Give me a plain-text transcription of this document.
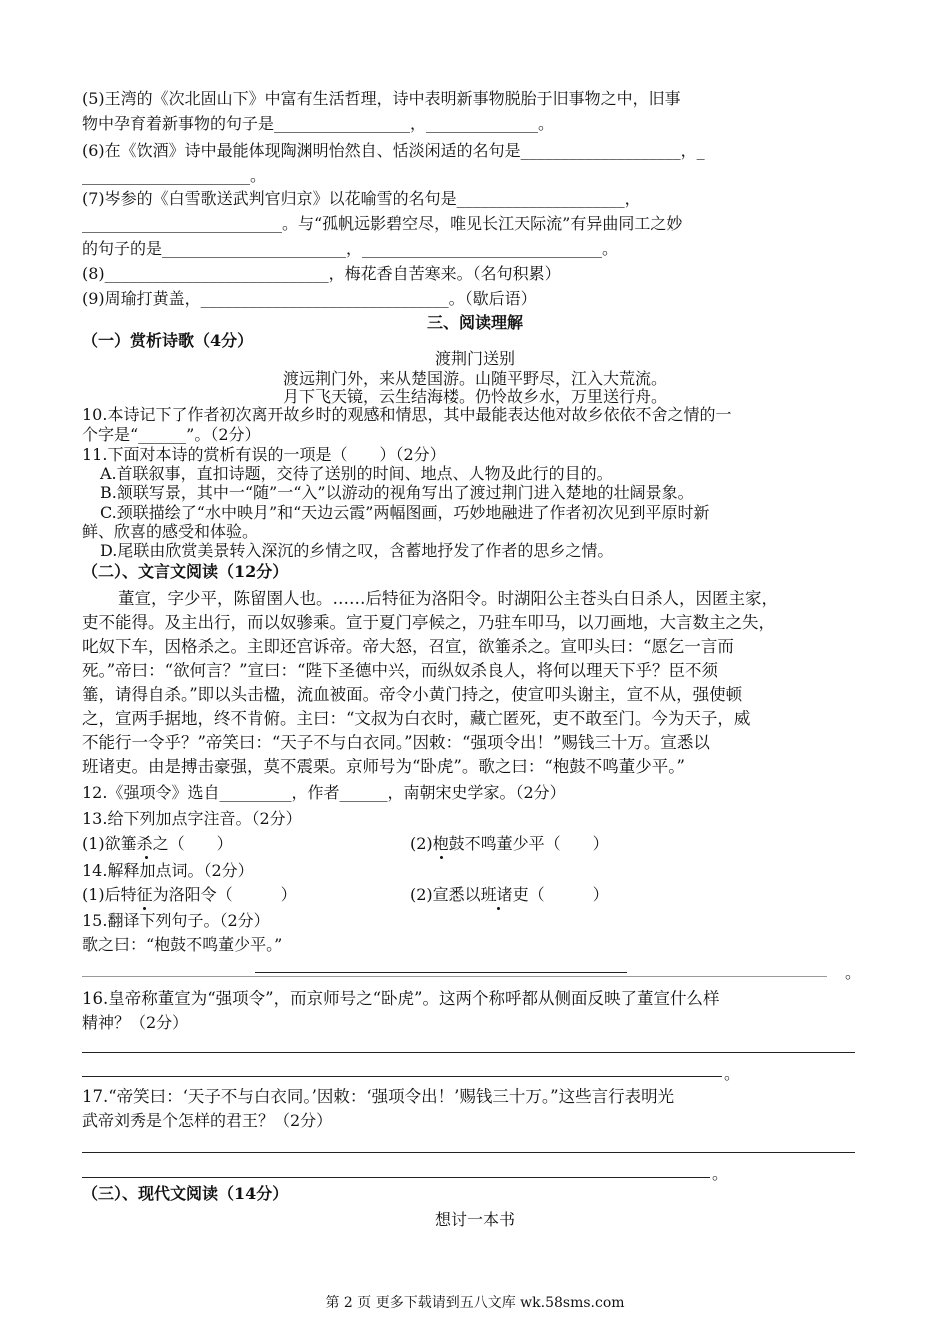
(5)王湾的《次北固山下》中富有生活哲理，诗中表明新事物脱胎于旧事物之中，旧事
物中孕育着新事物的句子是_________________，______________。
(6)在《饮酒》诗中最能体现陶渊明怡然自、恬淡闲适的名句是____________________，_
_____________________。
(7)岑参的《白雪歌送武判官归京》以花喻雪的名句是_____________________，
_________________________。与“孤帆远影碧空尽，唯见长江天际流”有异曲同工之妙
的句子的是_______________________，______________________________。
(8)____________________________，梅花香自苦寒来。（名句积累）
(9)周瑜打黄盖，_______________________________。（歇后语）
三、阅读理解
（一）赏析诗歌（4分）
渡荆门送别
渡远荆门外，来从楚国游。山随平野尽，江入大荒流。
月下飞天镜，云生结海楼。仍怜故乡水，万里送行舟。
10.本诗记下了作者初次离开故乡时的观感和情思，其中最能表达他对故乡依依不舍之情的一
个字是“______”。（2分）
11.下面对本诗的赏析有误的一项是（　　）（2分）
A.首联叙事，直扣诗题，交待了送别的时间、地点、人物及此行的目的。
B.颔联写景，其中一“随”一“入”以游动的视角写出了渡过荆门进入楚地的壮阔景象。
C.颈联描绘了“水中映月”和“天边云霞”两幅图画，巧妙地融进了作者初次见到平原时新
鲜、欣喜的感受和体验。
D.尾联由欣赏美景转入深沉的乡情之叹，含蓄地抒发了作者的思乡之情。
（二）、文言文阅读（12分）
董宣，字少平，陈留圉人也。……后特征为洛阳令。时湖阳公主苍头白日杀人，因匿主家，
吏不能得。及主出行，而以奴骖乘。宣于夏门亭候之，乃驻车叩马，以刀画地，大言数主之失，
叱奴下车，因格杀之。主即还宫诉帝。帝大怒，召宣，欲箠杀之。宣叩头曰：“愿乞一言而
死。”帝曰：“欲何言？”宣曰：“陛下圣德中兴，而纵奴杀良人，将何以理天下乎？臣不须
箠，请得自杀。”即以头击楹，流血被面。帝令小黄门持之，使宣叩头谢主，宣不从，强使顿
之，宣两手据地，终不肯俯。主曰：“文叔为白衣时，藏亡匿死，吏不敢至门。今为天子，威
不能行一令乎？”帝笑曰：“天子不与白衣同。”因敕：“强项令出！”赐钱三十万。宣悉以
班诸吏。由是搏击豪强，莫不震栗。京师号为“卧虎”。歌之曰：“枹鼓不鸣董少平。”
12.《强项令》选自_________，作者______，南朝宋史学家。（2分）
13.给下列加点字注音。（2分）
(1)欲箠杀之（　　）	(2)枹鼓不鸣董少平（　　）
14.解释加点词。（2分）
(1)后特征为洛阳令（　　　）	(2)宣悉以班诸吏（　　　）
15.翻译下列句子。（2分）
歌之曰：“枹鼓不鸣董少平。”
。
16.皇帝称董宣为“强项令”，而京师号之“卧虎”。这两个称呼都从侧面反映了董宣什么样
精神？（2分）
。
17.“帝笑曰：‘天子不与白衣同。’因敕：‘强项令出！’赐钱三十万。”这些言行表明光
武帝刘秀是个怎样的君王？（2分）
。
（三）、现代文阅读（14分）
想讨一本书
第 2 页 更多下载请到五八文库 wk.58sms.com
